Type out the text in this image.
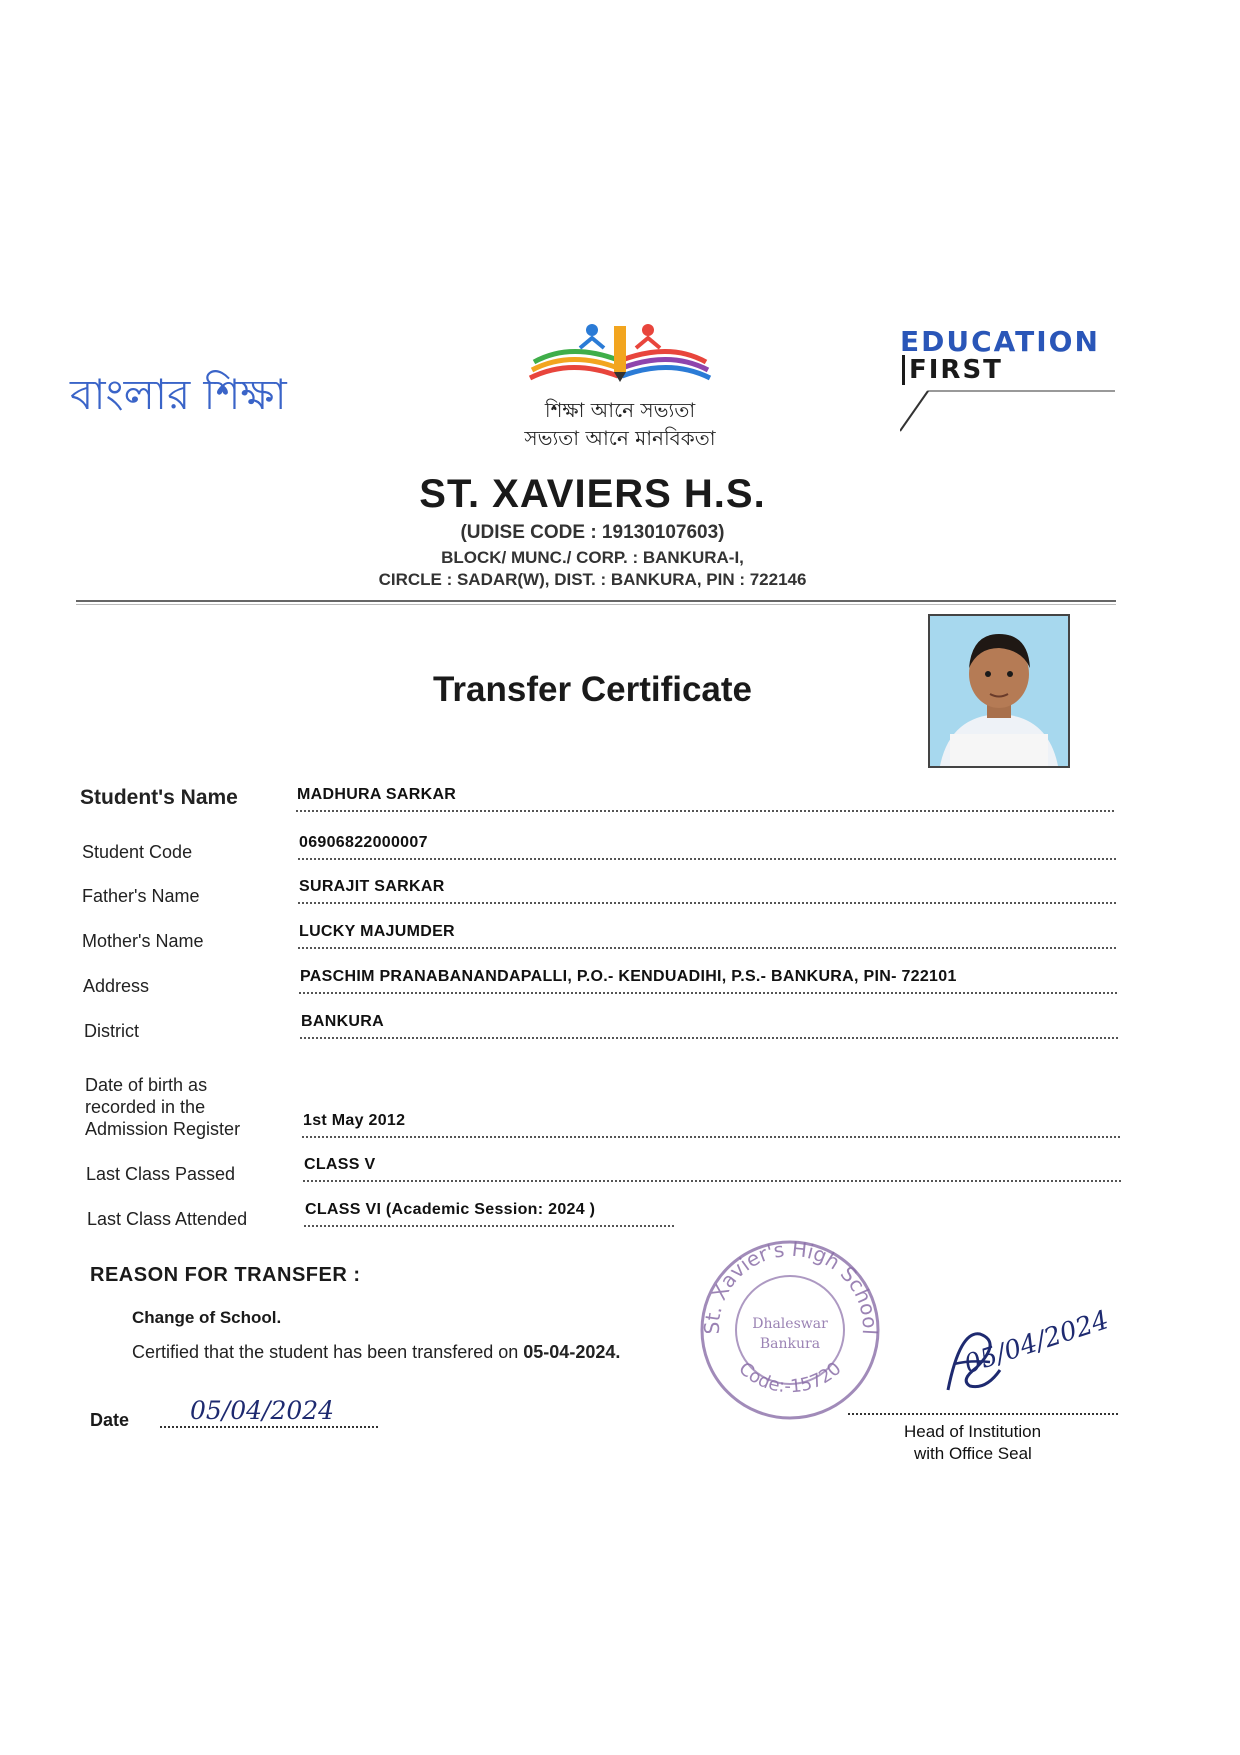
বাংলার শিক্ষা	শিক্ষা আনে সভ্যতা
সভ্যতা আনে মানবিকতা
EDUCATION
FIRST
ST. XAVIERS H.S.
(UDISE CODE : 19130107603)
BLOCK/ MUNC./ CORP. : BANKURA-I,
CIRCLE : SADAR(W), DIST. : BANKURA, PIN : 722146
Transfer Certificate
Student's Name	MADHURA SARKAR
Student Code	06906822000007
Father's Name	SURAJIT SARKAR
Mother's Name	LUCKY MAJUMDER
Address	PASCHIM PRANABANANDAPALLI, P.O.- KENDUADIHI, P.S.- BANKURA, PIN- 722101
District	BANKURA
Date of birth as
recorded in the
Admission Register	1st May 2012
Last Class Passed	CLASS V
Last Class Attended	CLASS VI (Academic Session: 2024 )
REASON FOR TRANSFER :
Change of School.
Certified that the student has been transfered on 05-04-2024.
St. Xavier's High School
Code:-15720
Dhaleswar
Bankura
Date 05/04/2024
05/04/2024
Head of Institution
with Office Seal
